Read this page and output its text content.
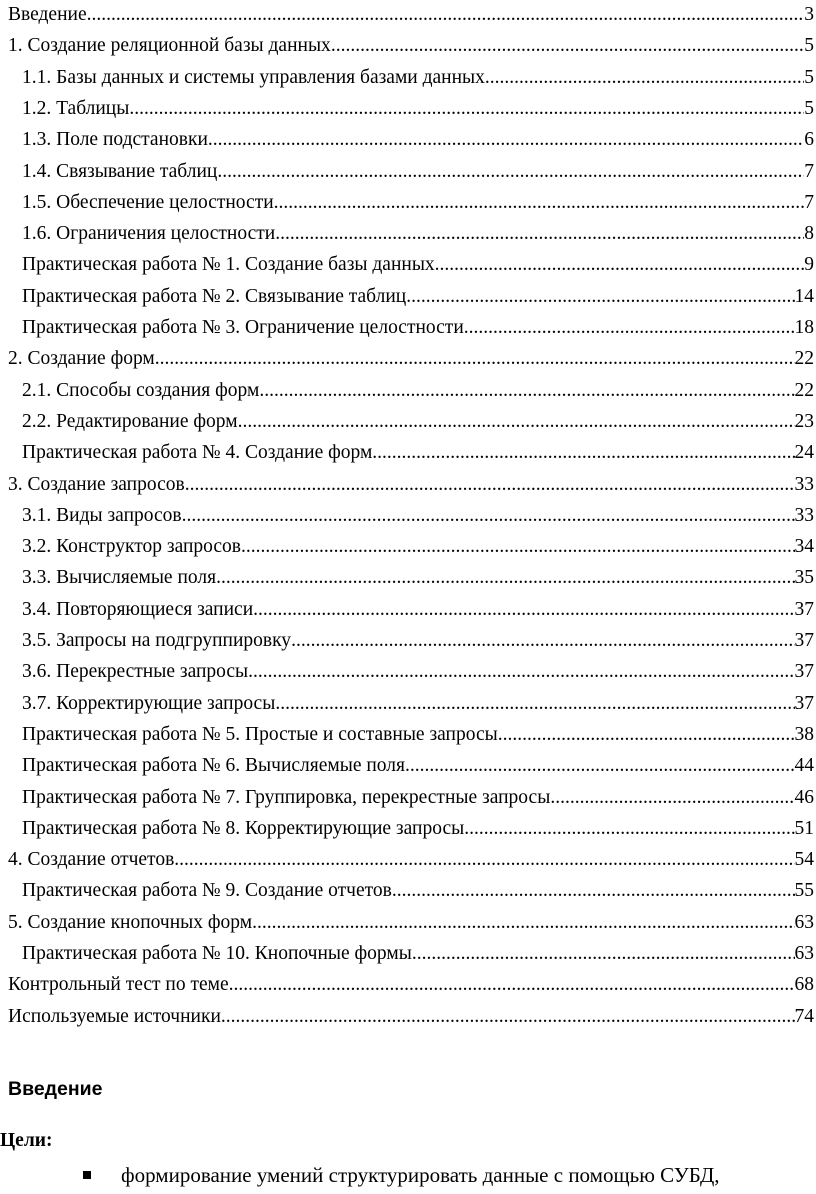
Введение .....	3
1. Создание реляционной базы данных .....	5
1.1. Базы данных и системы управления базами данных .....	5
1.2. Таблицы .....	5
1.3. Поле подстановки .....	6
1.4. Связывание таблиц .....	7
1.5. Обеспечение целостности .....	7
1.6. Ограничения целостности .....	8
Практическая работа № 1. Создание базы данных .....	9
Практическая работа № 2. Связывание таблиц .....	14
Практическая работа № 3. Ограничение целостности .....	18
2. Создание форм .....	22
2.1. Способы создания форм .....	22
2.2. Редактирование форм .....	23
Практическая работа № 4. Создание форм .....	24
3. Создание запросов .....	33
3.1. Виды запросов .....	33
3.2. Конструктор запросов .....	34
3.3. Вычисляемые поля .....	35
3.4. Повторяющиеся записи .....	37
3.5. Запросы на подгруппировку .....	37
3.6. Перекрестные запросы .....	37
3.7. Корректирующие запросы .....	37
Практическая работа № 5. Простые и составные запросы .....	38
Практическая работа № 6. Вычисляемые поля .....	44
Практическая работа № 7. Группировка, перекрестные запросы .....	46
Практическая работа № 8. Корректирующие запросы .....	51
4. Создание отчетов .....	54
Практическая работа № 9. Создание отчетов .....	55
5. Создание кнопочных форм .....	63
Практическая работа № 10. Кнопочные формы .....	63
Контрольный тест по теме .....	68
Используемые источники .....	74
Введение
Цели:
формирование умений структурировать данные с помощью СУБД,
